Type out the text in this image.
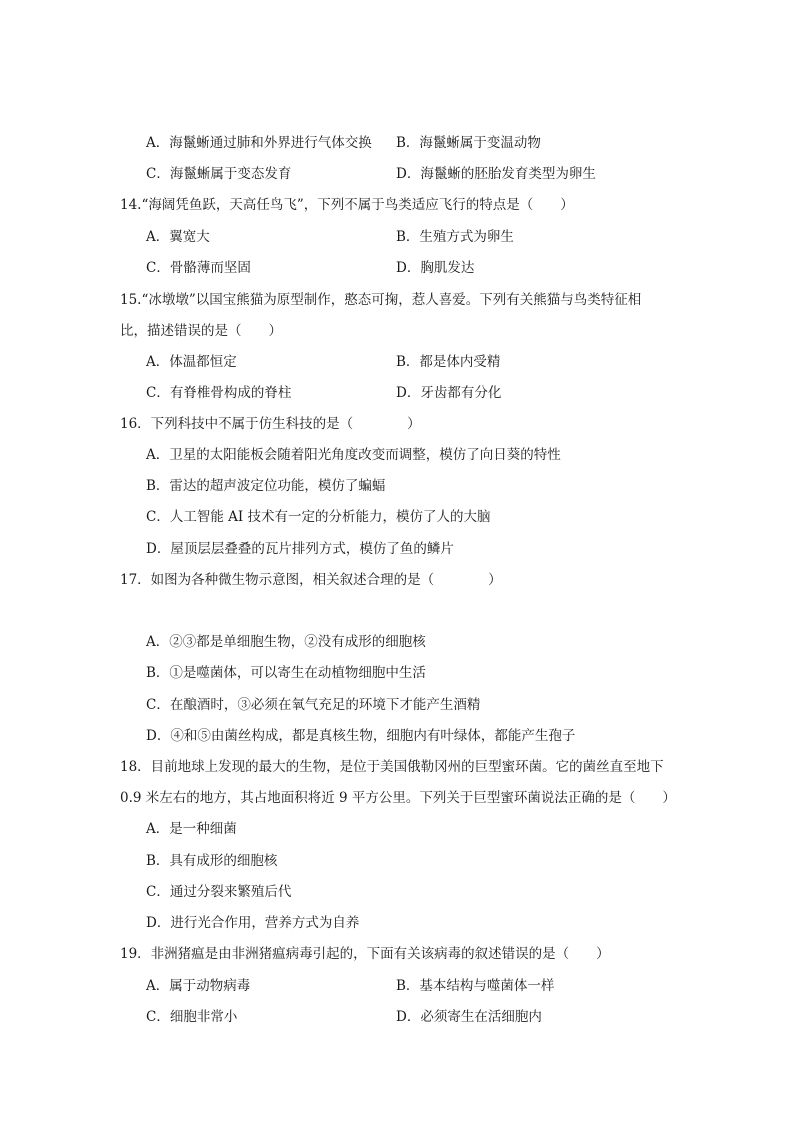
A．海鬣蜥通过肺和外界进行气体交换 B．海鬣蜥属于变温动物
C．海鬣蜥属于变态发育	D．海鬣蜥的胚胎发育类型为卵生
14.“海阔凭鱼跃，天高任鸟飞”，下列不属于鸟类适应飞行的特点是（　　）
A．翼宽大	B．生殖方式为卵生
C．骨骼薄而坚固	D．胸肌发达
15.“冰墩墩”以国宝熊猫为原型制作，憨态可掬，惹人喜爱。下列有关熊猫与鸟类特征相
比，描述错误的是（　　）
A．体温都恒定	B．都是体内受精
C．有脊椎骨构成的脊柱	D．牙齿都有分化
16．下列科技中不属于仿生科技的是（　　　　）
A．卫星的太阳能板会随着阳光角度改变而调整，模仿了向日葵的特性
B．雷达的超声波定位功能，模仿了蝙蝠
C．人工智能 AI 技术有一定的分析能力，模仿了人的大脑
D．屋顶层层叠叠的瓦片排列方式，模仿了鱼的鳞片
17．如图为各种微生物示意图，相关叙述合理的是（　　　　）
A．②③都是单细胞生物，②没有成形的细胞核
B．①是噬菌体，可以寄生在动植物细胞中生活
C．在酿酒时，③必须在氧气充足的环境下才能产生酒精
D．④和⑤由菌丝构成，都是真核生物，细胞内有叶绿体，都能产生孢子
18．目前地球上发现的最大的生物，是位于美国俄勒冈州的巨型蜜环菌。它的菌丝直至地下
0.9 米左右的地方，其占地面积将近 9 平方公里。下列关于巨型蜜环菌说法正确的是（　　）
A．是一种细菌
B．具有成形的细胞核
C．通过分裂来繁殖后代
D．进行光合作用，营养方式为自养
19．非洲猪瘟是由非洲猪瘟病毒引起的，下面有关该病毒的叙述错误的是（　　）
A．属于动物病毒	B．基本结构与噬菌体一样
C．细胞非常小	D．必须寄生在活细胞内
